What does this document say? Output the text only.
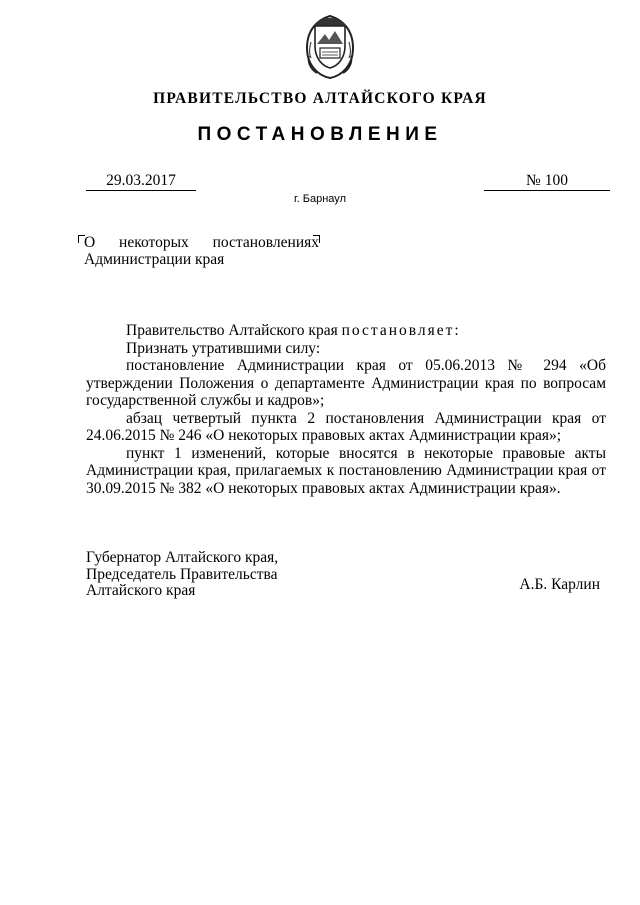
ПРАВИТЕЛЬСТВО АЛТАЙСКОГО КРАЯ
ПОСТАНОВЛЕНИЕ
29.03.2017	№ 100
г. Барнаул
О некоторых постановлениях
Администрации края

Правительство Алтайского края постановляет:

Признать утратившими силу:

постановление Администрации края от 05.06.2013 № 294 «Об утверждении Положения о департаменте Администрации края по вопросам государственной службы и кадров»;

абзац четвертый пункта 2 постановления Администрации края от 24.06.2015 № 246 «О некоторых правовых актах Администрации края»;

пункт 1 изменений, которые вносятся в некоторые правовые акты Администрации края, прилагаемых к постановлению Администрации края от 30.09.2015 № 382 «О некоторых правовых актах Администрации края».

Губернатор Алтайского края,
Председатель Правительства
Алтайского края	А.Б. Карлин
